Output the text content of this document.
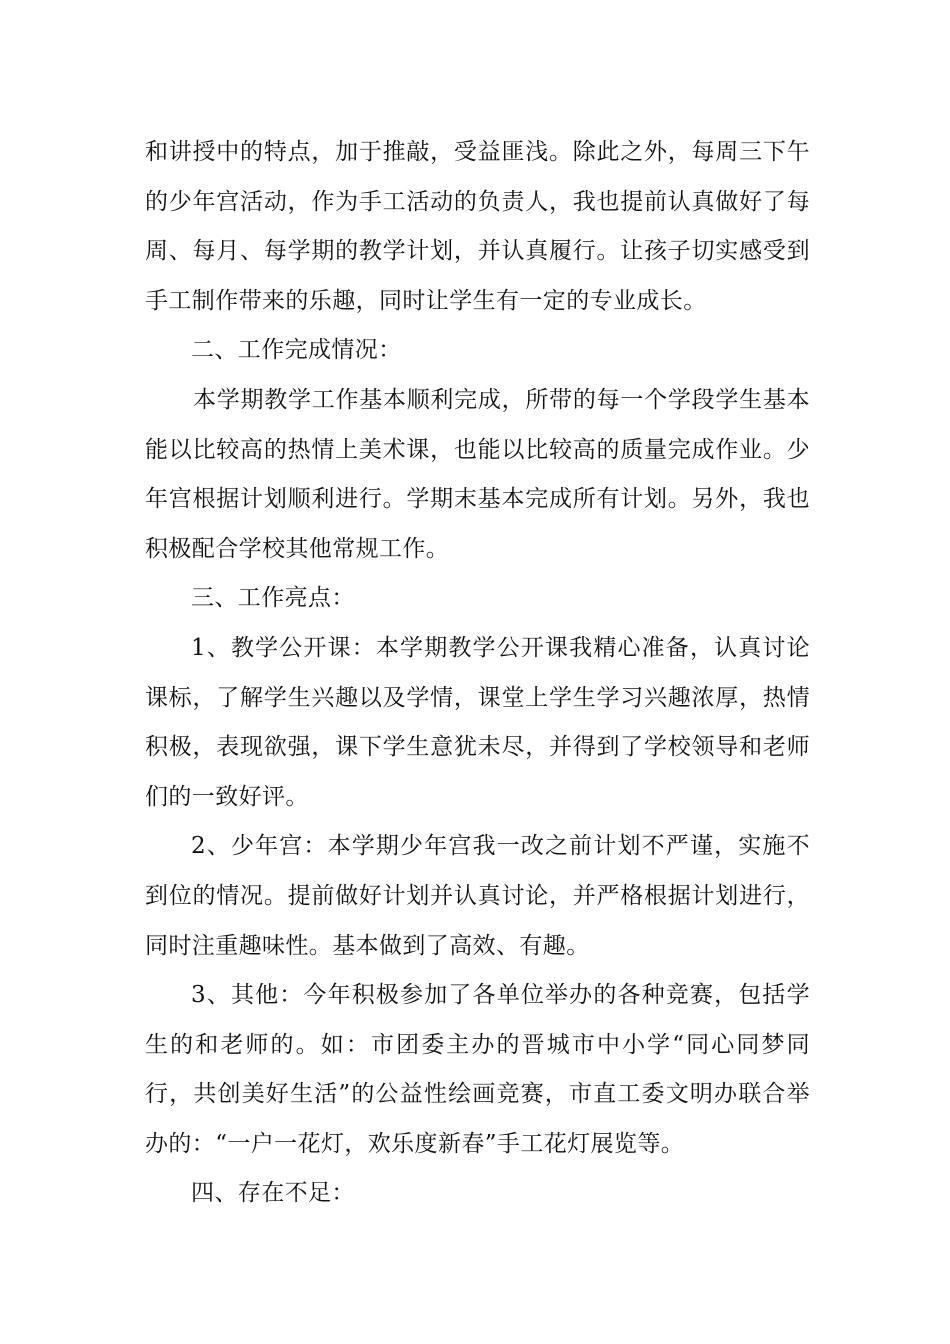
和讲授中的特点，加于推敲，受益匪浅。除此之外，每周三下午的少年宫活动，作为手工活动的负责人，我也提前认真做好了每周、每月、每学期的教学计划，并认真履行。让孩子切实感受到手工制作带来的乐趣，同时让学生有一定的专业成长。

二、工作完成情况：

本学期教学工作基本顺利完成，所带的每一个学段学生基本能以比较高的热情上美术课，也能以比较高的质量完成作业。少年宫根据计划顺利进行。学期末基本完成所有计划。另外，我也积极配合学校其他常规工作。

三、工作亮点：

1、教学公开课：本学期教学公开课我精心准备，认真讨论课标，了解学生兴趣以及学情，课堂上学生学习兴趣浓厚，热情积极，表现欲强，课下学生意犹未尽，并得到了学校领导和老师们的一致好评。

2、少年宫：本学期少年宫我一改之前计划不严谨，实施不到位的情况。提前做好计划并认真讨论，并严格根据计划进行，同时注重趣味性。基本做到了高效、有趣。

3、其他：今年积极参加了各单位举办的各种竞赛，包括学生的和老师的。如：市团委主办的晋城市中小学“同心同梦同行，共创美好生活”的公益性绘画竞赛，市直工委文明办联合举办的：“一户一花灯，欢乐度新春”手工花灯展览等。

四、存在不足：
